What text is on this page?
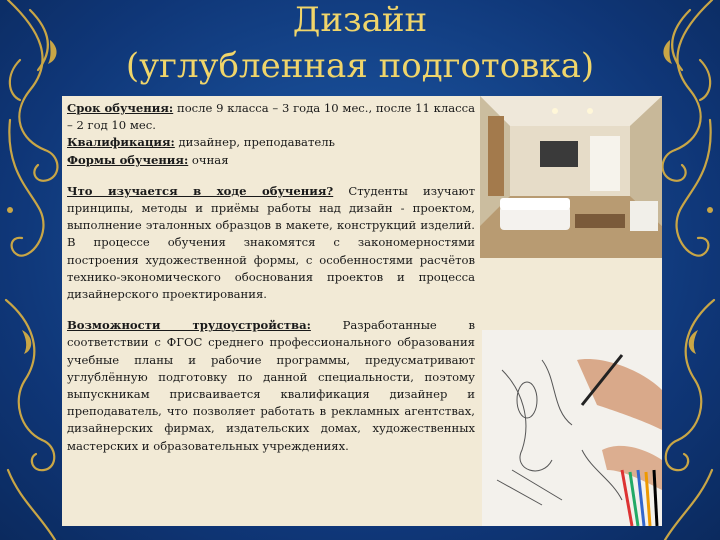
Дизайн
(углубленная подготовка)

Срок обучения: после 9 класса – 3 года 10 мес., после 11 класса – 2 год 10 мес.

Квалификация: дизайнер, преподаватель

Формы обучения: очная

Что изучается в ходе обучения? Студенты изучают принципы, методы и приёмы работы над дизайн - проектом, выполнение эталонных образцов в макете, конструкций изделий. В процессе обучения знакомятся с закономерностями построения художественной формы, с особенностями расчётов технико-экономического обоснования проектов и процесса дизайнерского проектирования.

Возможности трудоустройства: Разработанные в соответствии с ФГОС среднего профессионального образования учебные планы и рабочие программы, предусматривают углублённую подготовку по данной специальности, поэтому выпускникам присваивается квалификация дизайнер и преподаватель, что позволяет работать в рекламных агентствах, дизайнерских фирмах, издательских домах, художественных мастерских и образовательных учреждениях.
